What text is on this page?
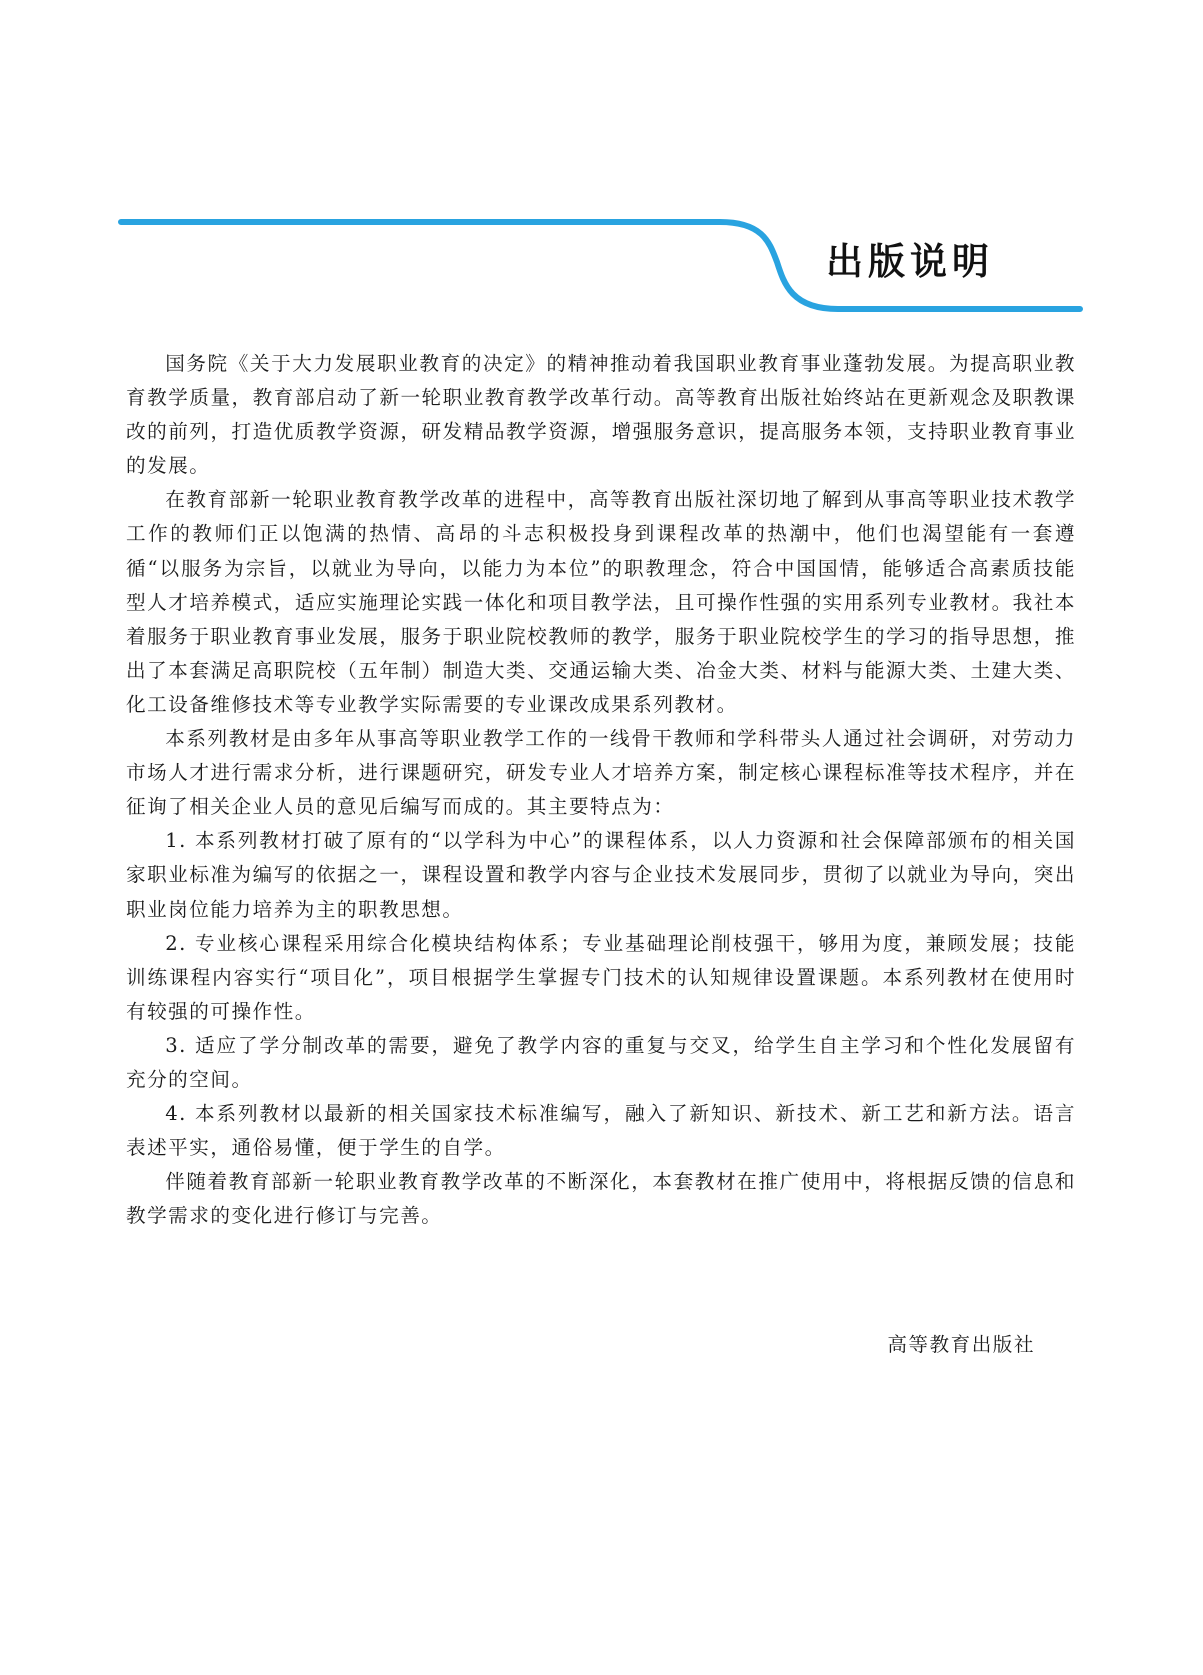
出版说明

国务院《关于大力发展职业教育的决定》的精神推动着我国职业教育事业蓬勃发展。为提高职业教育教学质量，教育部启动了新一轮职业教育教学改革行动。高等教育出版社始终站在更新观念及职教课改的前列，打造优质教学资源，研发精品教学资源，增强服务意识，提高服务本领，支持职业教育事业的发展。

在教育部新一轮职业教育教学改革的进程中，高等教育出版社深切地了解到从事高等职业技术教学工作的教师们正以饱满的热情、高昂的斗志积极投身到课程改革的热潮中，他们也渴望能有一套遵循“以服务为宗旨，以就业为导向，以能力为本位”的职教理念，符合中国国情，能够适合高素质技能型人才培养模式，适应实施理论实践一体化和项目教学法，且可操作性强的实用系列专业教材。我社本着服务于职业教育事业发展，服务于职业院校教师的教学，服务于职业院校学生的学习的指导思想，推出了本套满足高职院校（五年制）制造大类、交通运输大类、冶金大类、材料与能源大类、土建大类、化工设备维修技术等专业教学实际需要的专业课改成果系列教材。

本系列教材是由多年从事高等职业教学工作的一线骨干教师和学科带头人通过社会调研，对劳动力市场人才进行需求分析，进行课题研究，研发专业人才培养方案，制定核心课程标准等技术程序，并在征询了相关企业人员的意见后编写而成的。其主要特点为：

1. 本系列教材打破了原有的“以学科为中心”的课程体系，以人力资源和社会保障部颁布的相关国家职业标准为编写的依据之一，课程设置和教学内容与企业技术发展同步，贯彻了以就业为导向，突出职业岗位能力培养为主的职教思想。

2. 专业核心课程采用综合化模块结构体系；专业基础理论削枝强干，够用为度，兼顾发展；技能训练课程内容实行“项目化”，项目根据学生掌握专门技术的认知规律设置课题。本系列教材在使用时有较强的可操作性。

3. 适应了学分制改革的需要，避免了教学内容的重复与交叉，给学生自主学习和个性化发展留有充分的空间。

4. 本系列教材以最新的相关国家技术标准编写，融入了新知识、新技术、新工艺和新方法。语言表述平实，通俗易懂，便于学生的自学。

伴随着教育部新一轮职业教育教学改革的不断深化，本套教材在推广使用中，将根据反馈的信息和教学需求的变化进行修订与完善。

高等教育出版社
